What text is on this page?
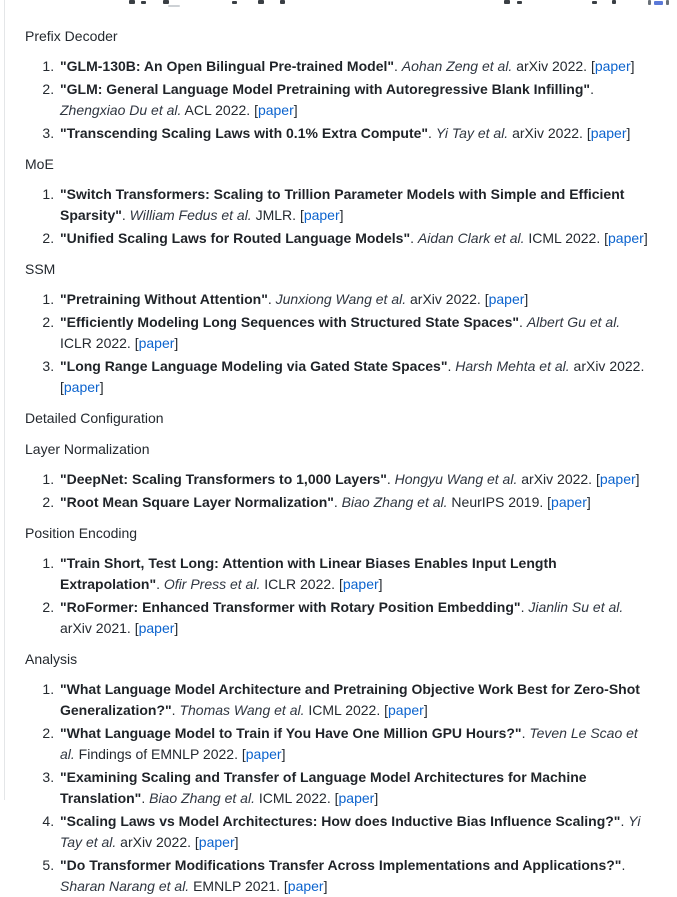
Prefix Decoder

1. "GLM-130B: An Open Bilingual Pre-trained Model". Aohan Zeng et al. arXiv 2022. [paper]
2. "GLM: General Language Model Pretraining with Autoregressive Blank Infilling". Zhengxiao Du et al. ACL 2022. [paper]
3. "Transcending Scaling Laws with 0.1% Extra Compute". Yi Tay et al. arXiv 2022. [paper]

MoE

1. "Switch Transformers: Scaling to Trillion Parameter Models with Simple and Efficient Sparsity". William Fedus et al. JMLR. [paper]
2. "Unified Scaling Laws for Routed Language Models". Aidan Clark et al. ICML 2022. [paper]

SSM

1. "Pretraining Without Attention". Junxiong Wang et al. arXiv 2022. [paper]
2. "Efficiently Modeling Long Sequences with Structured State Spaces". Albert Gu et al. ICLR 2022. [paper]
3. "Long Range Language Modeling via Gated State Spaces". Harsh Mehta et al. arXiv 2022. [paper]

Detailed Configuration

Layer Normalization

1. "DeepNet: Scaling Transformers to 1,000 Layers". Hongyu Wang et al. arXiv 2022. [paper]
2. "Root Mean Square Layer Normalization". Biao Zhang et al. NeurIPS 2019. [paper]

Position Encoding

1. "Train Short, Test Long: Attention with Linear Biases Enables Input Length Extrapolation". Ofir Press et al. ICLR 2022. [paper]
2. "RoFormer: Enhanced Transformer with Rotary Position Embedding". Jianlin Su et al. arXiv 2021. [paper]

Analysis

1. "What Language Model Architecture and Pretraining Objective Work Best for Zero-Shot Generalization?". Thomas Wang et al. ICML 2022. [paper]
2. "What Language Model to Train if You Have One Million GPU Hours?". Teven Le Scao et al. Findings of EMNLP 2022. [paper]
3. "Examining Scaling and Transfer of Language Model Architectures for Machine Translation". Biao Zhang et al. ICML 2022. [paper]
4. "Scaling Laws vs Model Architectures: How does Inductive Bias Influence Scaling?". Yi Tay et al. arXiv 2022. [paper]
5. "Do Transformer Modifications Transfer Across Implementations and Applications?". Sharan Narang et al. EMNLP 2021. [paper]
